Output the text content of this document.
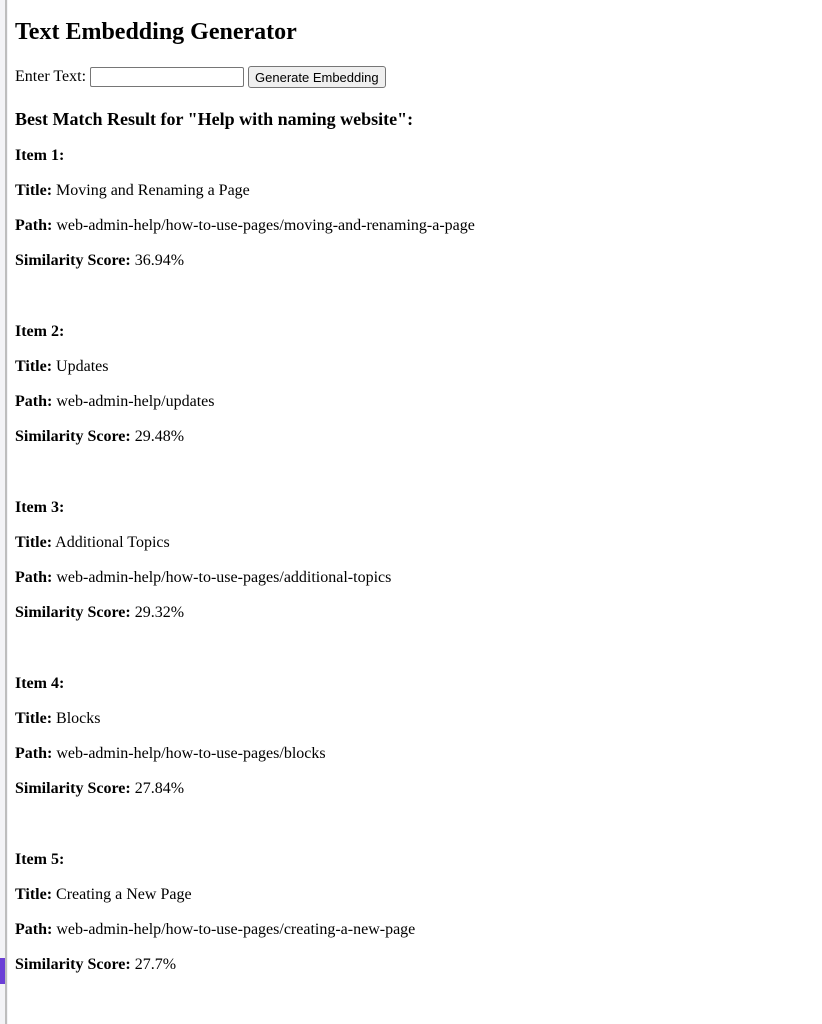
Text Embedding Generator
Enter Text:	Generate Embedding
Best Match Result for "Help with naming website":

Item 1:

Title: Moving and Renaming a Page

Path: web-admin-help/how-to-use-pages/moving-and-renaming-a-page

Similarity Score: 36.94%

Item 2:

Title: Updates

Path: web-admin-help/updates

Similarity Score: 29.48%

Item 3:

Title: Additional Topics

Path: web-admin-help/how-to-use-pages/additional-topics

Similarity Score: 29.32%

Item 4:

Title: Blocks

Path: web-admin-help/how-to-use-pages/blocks

Similarity Score: 27.84%

Item 5:

Title: Creating a New Page

Path: web-admin-help/how-to-use-pages/creating-a-new-page

Similarity Score: 27.7%
